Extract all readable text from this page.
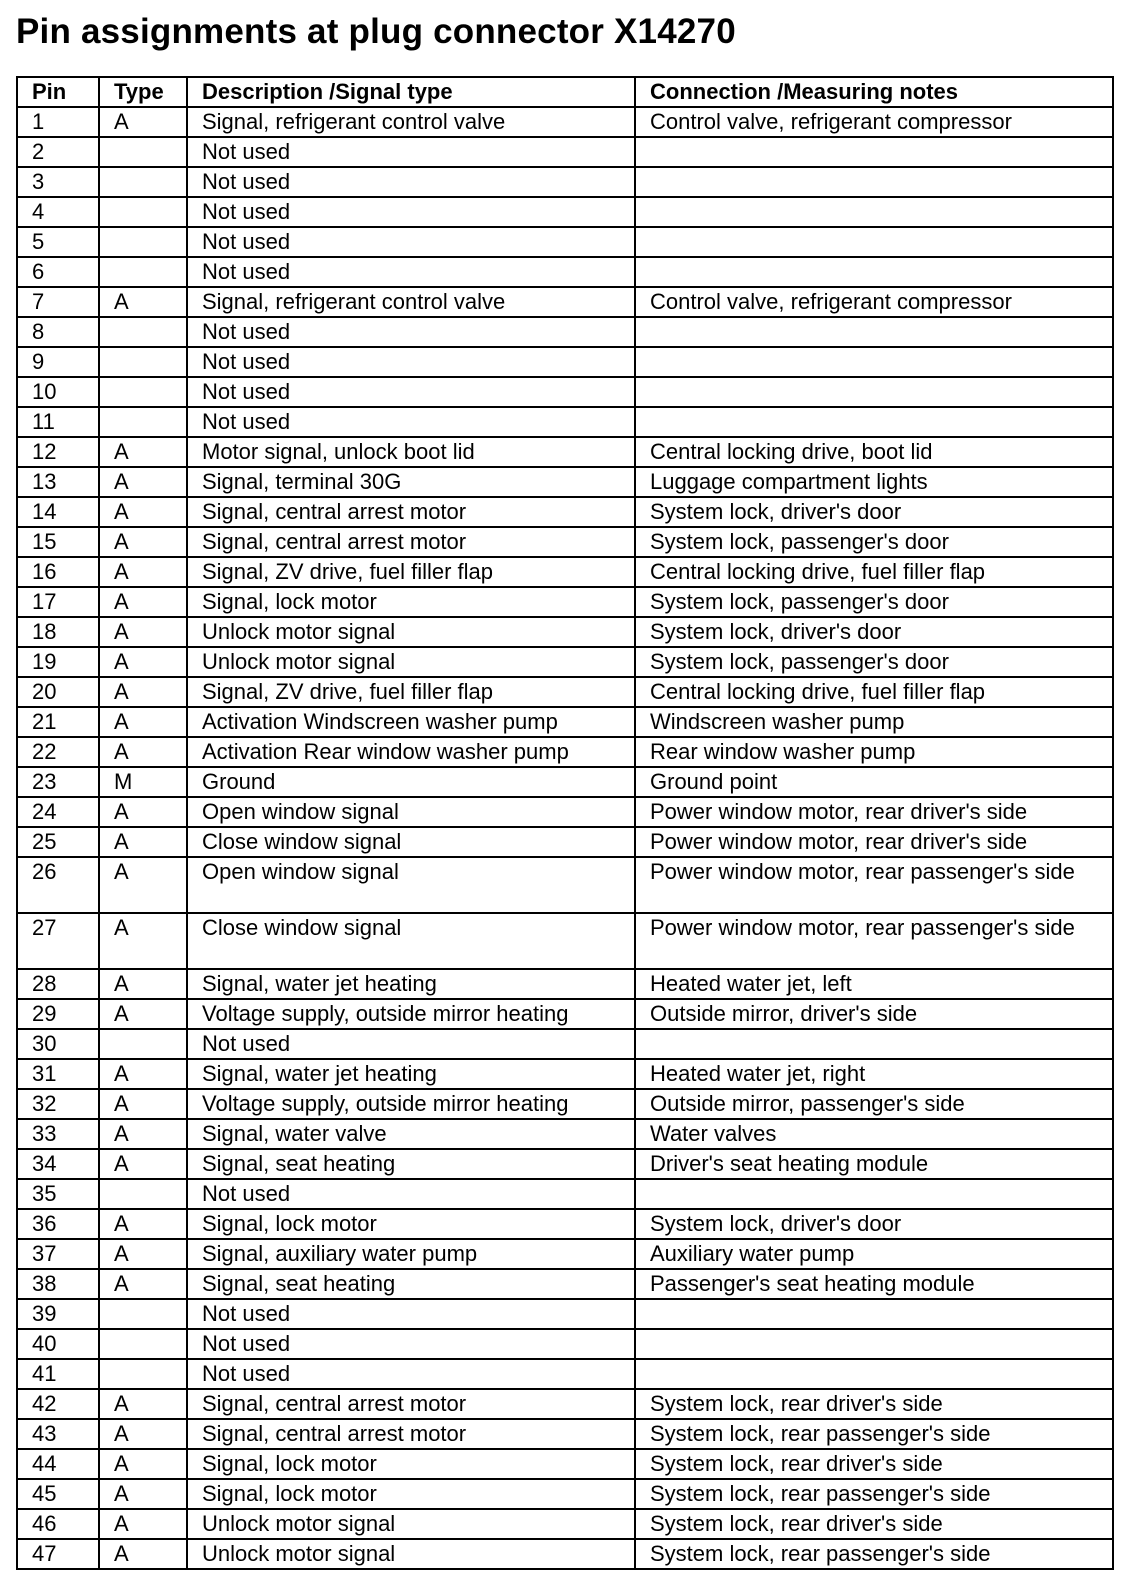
Pin assignments at plug connector X14270
Pin	Type	Description /Signal type	Connection /Measuring notes
1	A	Signal, refrigerant control valve	Control valve, refrigerant compressor
2		Not used	
3		Not used	
4		Not used	
5		Not used	
6		Not used	
7	A	Signal, refrigerant control valve	Control valve, refrigerant compressor
8		Not used	
9		Not used	
10		Not used	
11		Not used	
12	A	Motor signal, unlock boot lid	Central locking drive, boot lid
13	A	Signal, terminal 30G	Luggage compartment lights
14	A	Signal, central arrest motor	System lock, driver's door
15	A	Signal, central arrest motor	System lock, passenger's door
16	A	Signal, ZV drive, fuel filler flap	Central locking drive, fuel filler flap
17	A	Signal, lock motor	System lock, passenger's door
18	A	Unlock motor signal	System lock, driver's door
19	A	Unlock motor signal	System lock, passenger's door
20	A	Signal, ZV drive, fuel filler flap	Central locking drive, fuel filler flap
21	A	Activation Windscreen washer pump	Windscreen washer pump
22	A	Activation Rear window washer pump	Rear window washer pump
23	M	Ground	Ground point
24	A	Open window signal	Power window motor, rear driver's side
25	A	Close window signal	Power window motor, rear driver's side
26	A	Open window signal	Power window motor, rear passenger's side
27	A	Close window signal	Power window motor, rear passenger's side
28	A	Signal, water jet heating	Heated water jet, left
29	A	Voltage supply, outside mirror heating	Outside mirror, driver's side
30		Not used	
31	A	Signal, water jet heating	Heated water jet, right
32	A	Voltage supply, outside mirror heating	Outside mirror, passenger's side
33	A	Signal, water valve	Water valves
34	A	Signal, seat heating	Driver's seat heating module
35		Not used	
36	A	Signal, lock motor	System lock, driver's door
37	A	Signal, auxiliary water pump	Auxiliary water pump
38	A	Signal, seat heating	Passenger's seat heating module
39		Not used	
40		Not used	
41		Not used	
42	A	Signal, central arrest motor	System lock, rear driver's side
43	A	Signal, central arrest motor	System lock, rear passenger's side
44	A	Signal, lock motor	System lock, rear driver's side
45	A	Signal, lock motor	System lock, rear passenger's side
46	A	Unlock motor signal	System lock, rear driver's side
47	A	Unlock motor signal	System lock, rear passenger's side
